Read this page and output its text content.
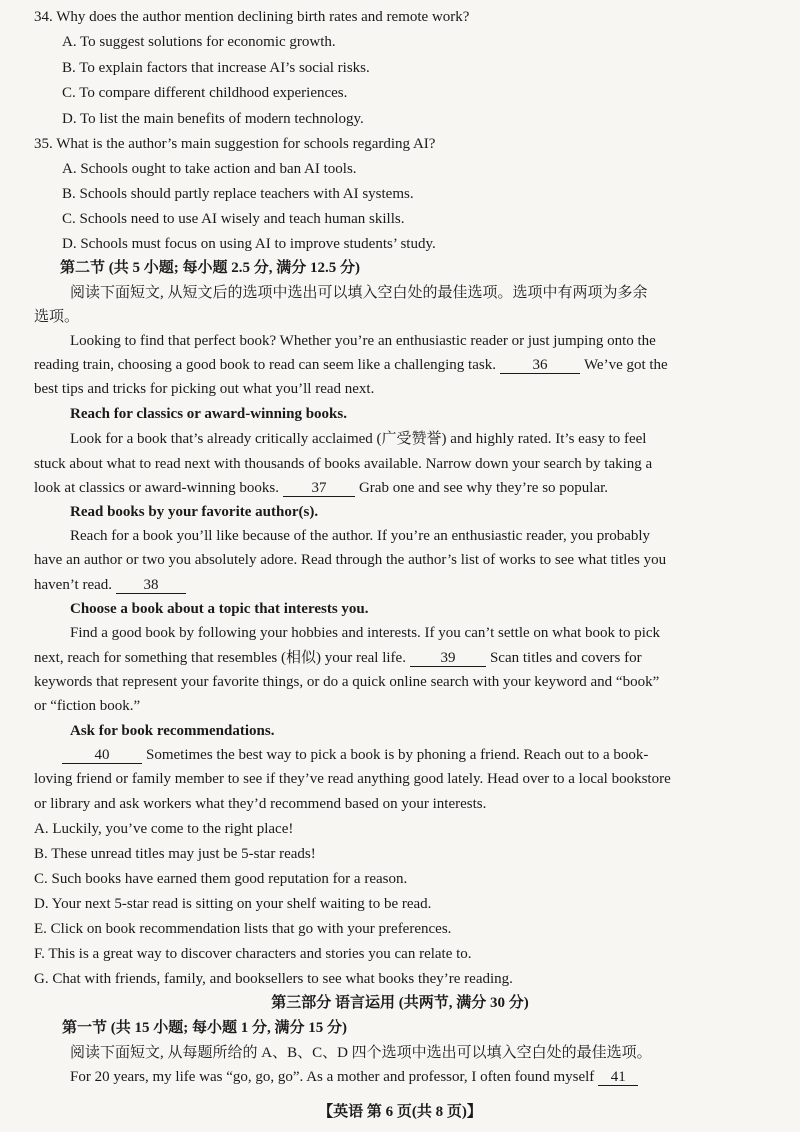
34. Why does the author mention declining birth rates and remote work?
A. To suggest solutions for economic growth.
B. To explain factors that increase AI’s social risks.
C. To compare different childhood experiences.
D. To list the main benefits of modern technology.
35. What is the author’s main suggestion for schools regarding AI?
A. Schools ought to take action and ban AI tools.
B. Schools should partly replace teachers with AI systems.
C. Schools need to use AI wisely and teach human skills.
D. Schools must focus on using AI to improve students’ study.
第二节 (共 5 小题; 每小题 2.5 分, 满分 12.5 分)
阅读下面短文, 从短文后的选项中选出可以填入空白处的最佳选项。选项中有两项为多余
选项。
Looking to find that perfect book? Whether you’re an enthusiastic reader or just jumping onto the
reading train, choosing a good book to read can seem like a challenging task. 36 We’ve got the
best tips and tricks for picking out what you’ll read next.
Reach for classics or award-winning books.
Look for a book that’s already critically acclaimed (广受赞誉) and highly rated. It’s easy to feel
stuck about what to read next with thousands of books available. Narrow down your search by taking a
look at classics or award-winning books. 37 Grab one and see why they’re so popular.
Read books by your favorite author(s).
Reach for a book you’ll like because of the author. If you’re an enthusiastic reader, you probably
have an author or two you absolutely adore. Read through the author’s list of works to see what titles you
haven’t read. 38
Choose a book about a topic that interests you.
Find a good book by following your hobbies and interests. If you can’t settle on what book to pick
next, reach for something that resembles (相似) your real life. 39 Scan titles and covers for
keywords that represent your favorite things, or do a quick online search with your keyword and “book”
or “fiction book.”
Ask for book recommendations.
40 Sometimes the best way to pick a book is by phoning a friend. Reach out to a book-
loving friend or family member to see if they’ve read anything good lately. Head over to a local bookstore
or library and ask workers what they’d recommend based on your interests.
A. Luckily, you’ve come to the right place!
B. These unread titles may just be 5-star reads!
C. Such books have earned them good reputation for a reason.
D. Your next 5-star read is sitting on your shelf waiting to be read.
E. Click on book recommendation lists that go with your preferences.
F. This is a great way to discover characters and stories you can relate to.
G. Chat with friends, family, and booksellers to see what books they’re reading.
第三部分 语言运用 (共两节, 满分 30 分)
第一节 (共 15 小题; 每小题 1 分, 满分 15 分)
阅读下面短文, 从每题所给的 A、B、C、D 四个选项中选出可以填入空白处的最佳选项。
For 20 years, my life was “go, go, go”. As a mother and professor, I often found myself 41
【英语 第 6 页(共 8 页)】
